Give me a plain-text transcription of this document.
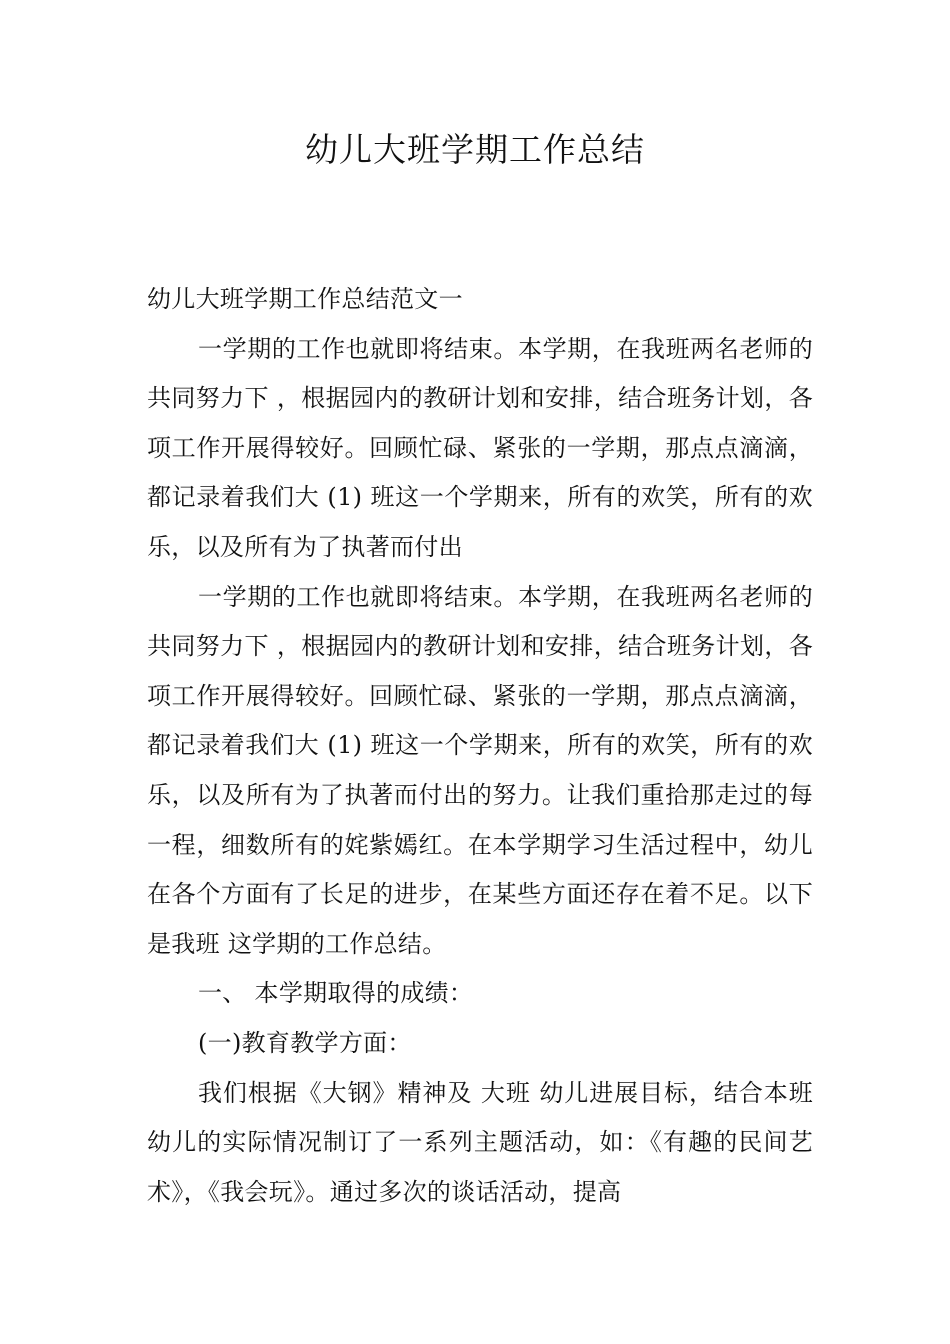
幼儿大班学期工作总结

幼儿大班学期工作总结范文一

一学期的工作也就即将结束。本学期，在我班两名老师的共同努力下 ，根据园内的教研计划和安排，结合班务计划，各项工作开展得较好。回顾忙碌、紧张的一学期，那点点滴滴，都记录着我们大 (1) 班这一个学期来，所有的欢笑，所有的欢乐，以及所有为了执著而付出

一学期的工作也就即将结束。本学期，在我班两名老师的共同努力下 ，根据园内的教研计划和安排，结合班务计划，各项工作开展得较好。回顾忙碌、紧张的一学期，那点点滴滴，都记录着我们大 (1) 班这一个学期来，所有的欢笑，所有的欢乐，以及所有为了执著而付出的努力。让我们重拾那走过的每一程，细数所有的姹紫嫣红。在本学期学习生活过程中，幼儿在各个方面有了长足的进步，在某些方面还存在着不足。以下是我班 这学期的工作总结。

一、 本学期取得的成绩：

(一)教育教学方面：

我们根据《大钢》精神及 大班 幼儿进展目标，结合本班幼儿的实际情况制订了一系列主题活动，如：《有趣的民间艺术》，《我会玩》。通过多次的谈话活动，提高
